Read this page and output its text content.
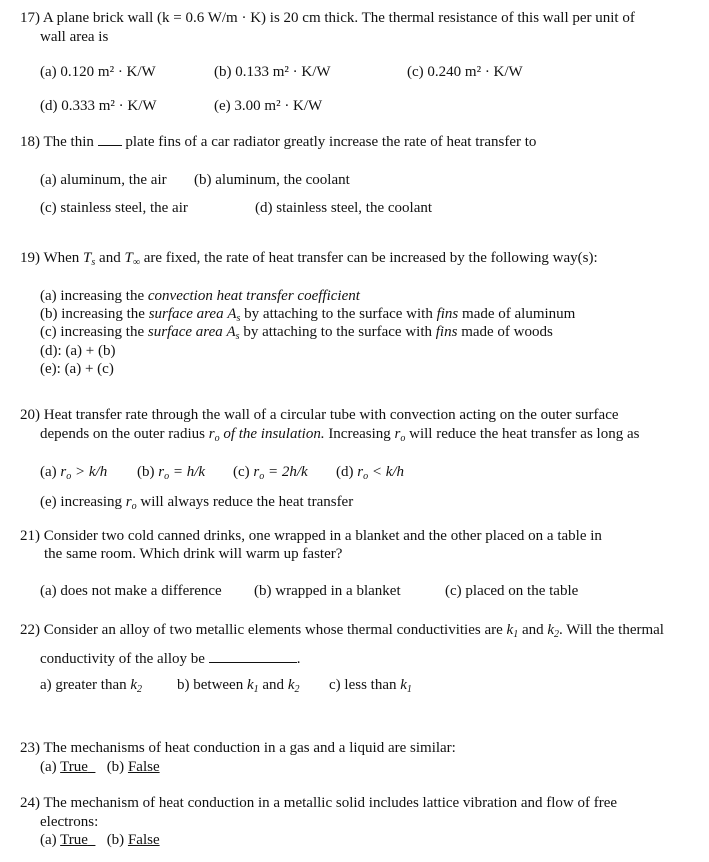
17) A plane brick wall (k = 0.6 W/m · K) is 20 cm thick. The thermal resistance of this wall per unit of
wall area is
(a) 0.120 m² · K/W	(b) 0.133 m² · K/W	(c) 0.240 m² · K/W
(d) 0.333 m² · K/W	(e) 3.00 m² · K/W
18) The thin plate fins of a car radiator greatly increase the rate of heat transfer to
(a) aluminum, the air (b) aluminum, the coolant
(c) stainless steel, the air	(d) stainless steel, the coolant
19) When $T_s$ and $T_\infty$ are fixed, the rate of heat transfer can be increased by the following way(s):
(a) increasing the convection heat transfer coefficient
(b) increasing the surface area $A_s$ by attaching to the surface with fins made of aluminum
(c) increasing the surface area $A_s$ by attaching to the surface with fins made of woods
(d): (a) + (b)
(e): (a) + (c)
20) Heat transfer rate through the wall of a circular tube with convection acting on the outer surface
depends on the outer radius $r_o$ of the insulation. Increasing $r_o$ will reduce the heat transfer as long as
(a) $r_o > k/h$ (b) $r_o = h/k$ (c) $r_o = 2h/k$ (d) $r_o < k/h$
(e) increasing $r_o$ will always reduce the heat transfer
21) Consider two cold canned drinks, one wrapped in a blanket and the other placed on a table in
the same room. Which drink will warm up faster?
(a) does not make a difference (b) wrapped in a blanket	(c) placed on the table
22) Consider an alloy of two metallic elements whose thermal conductivities are $k_1$ and $k_2$. Will the thermal
conductivity of the alloy be	.
a) greater than $k_2$ b) between $k_1$ and $k_2$ c) less than $k_1$
23) The mechanisms of heat conduction in a gas and a liquid are similar:
(a) True (b) False
24) The mechanism of heat conduction in a metallic solid includes lattice vibration and flow of free
electrons:
(a) True (b) False
